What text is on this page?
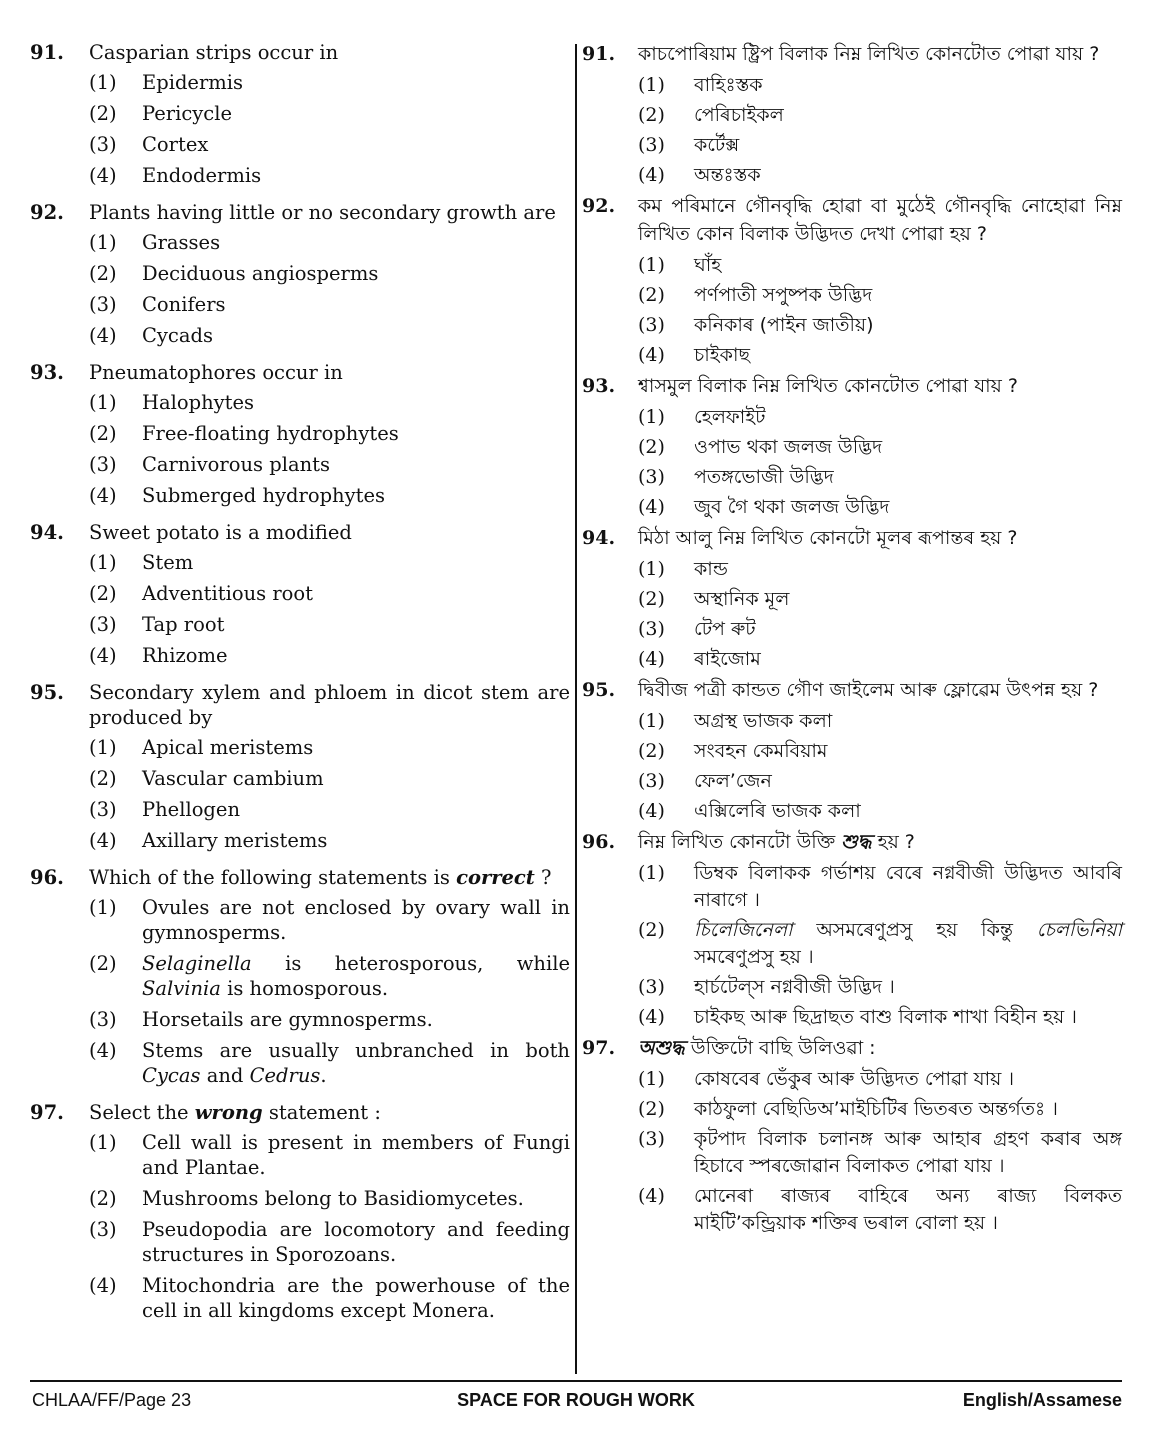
91.	Casparian strips occur in
(1)	Epidermis
(2)	Pericycle
(3)	Cortex
(4)	Endodermis
92.	Plants having little or no secondary growth are
(1)	Grasses
(2)	Deciduous angiosperms
(3)	Conifers
(4)	Cycads
93.	Pneumatophores occur in
(1)	Halophytes
(2)	Free-floating hydrophytes
(3)	Carnivorous plants
(4)	Submerged hydrophytes
94.	Sweet potato is a modified
(1)	Stem
(2)	Adventitious root
(3)	Tap root
(4)	Rhizome
95.	Secondary xylem and phloem in dicot stem are produced by
(1)	Apical meristems
(2)	Vascular cambium
(3)	Phellogen
(4)	Axillary meristems
96.	Which of the following statements is correct ?
(1)	Ovules are not enclosed by ovary wall in gymnosperms.
(2)	Selaginella is heterosporous, while Salvinia is homosporous.
(3)	Horsetails are gymnosperms.
(4)	Stems are usually unbranched in both Cycas and Cedrus.
97.	Select the wrong statement :
(1)	Cell wall is present in members of Fungi and Plantae.
(2)	Mushrooms belong to Basidiomycetes.
(3)	Pseudopodia are locomotory and feeding structures in Sporozoans.
(4)	Mitochondria are the powerhouse of the cell in all kingdoms except Monera.
91.	কাচপোৰিয়াম ষ্ট্ৰিপ বিলাক নিম্ন লিখিত কোনটোত পোৱা যায় ?
(1)	বাহিঃস্তক
(2)	পেৰিচাইকল
(3)	কৰ্টেক্স
(4)	অন্তঃস্তক
92.	কম পৰিমানে গৌনবৃদ্ধি হোৱা বা মুঠেই গৌনবৃদ্ধি নোহোৱা নিম্ন লিখিত কোন বিলাক উদ্ভিদত দেখা পোৱা হয় ?
(1)	ঘাঁহ
(2)	পৰ্ণপাতী সপুষ্পক উদ্ভিদ
(3)	কনিকাৰ (পাইন জাতীয়)
(4)	চাইকাছ
93.	শ্বাসমুল বিলাক নিম্ন লিখিত কোনটোত পোৱা যায় ?
(1)	হেলফাইট
(2)	ওপাভ থকা জলজ উদ্ভিদ
(3)	পতঙ্গভোজী উদ্ভিদ
(4)	জুব গৈ থকা জলজ উদ্ভিদ
94.	মিঠা আলু নিম্ন লিখিত কোনটো মূলৰ ৰূপান্তৰ হয় ?
(1)	কান্ড
(2)	অস্থানিক মূল
(3)	টেপ ৰুট
(4)	ৰাইজোম
95.	দ্বিবীজ পত্ৰী কান্ডত গৌণ জাইলেম আৰু ফ্লোৱেম উৎপন্ন হয় ?
(1)	অগ্ৰস্থ ভাজক কলা
(2)	সংবহন কেমবিয়াম
(3)	ফেল’জেন
(4)	এক্সিলেৰি ভাজক কলা
96.	নিম্ন লিখিত কোনটো উক্তি শুদ্ধ হয় ?
(1)	ডিম্বক বিলাকক গৰ্ভাশয় বেৰে নগ্নবীজী উদ্ভিদত আবৰি নাৰাগে ।
(2)	চিলেজিনেলা অসমৰেণুপ্ৰসু হয় কিন্তু চেলভিনিয়া সমৰেণুপ্ৰসু হয় ।
(3)	হাৰ্চটেল্‌স নগ্নবীজী উদ্ভিদ ।
(4)	চাইকছ আৰু ছিদ্ৰাছত বাশু বিলাক শাখা বিহীন হয় ।
97.	অশুদ্ধ উক্তিটো বাছি উলিওৱা :
(1)	কোষবেৰ ভেঁকুৰ আৰু উদ্ভিদত পোৱা যায় ।
(2)	কাঠফুলা বেছিডিঅ’মাইচিটিৰ ভিতৰত অন্তৰ্গতঃ ।
(3)	কৃটপাদ বিলাক চলানঙ্গ আৰু আহাৰ গ্ৰহণ কৰাৰ অঙ্গ হিচাবে স্পৰজোৱান বিলাকত পোৱা যায় ।
(4)	মোনেৰা ৰাজ্যৰ বাহিৰে অন্য ৰাজ্য বিলকত মাইটি’কন্ড্ৰিয়াক শক্তিৰ ভৰাল বোলা হয় ।
CHLAA/FF/Page 23	SPACE FOR ROUGH WORK	English/Assamese
